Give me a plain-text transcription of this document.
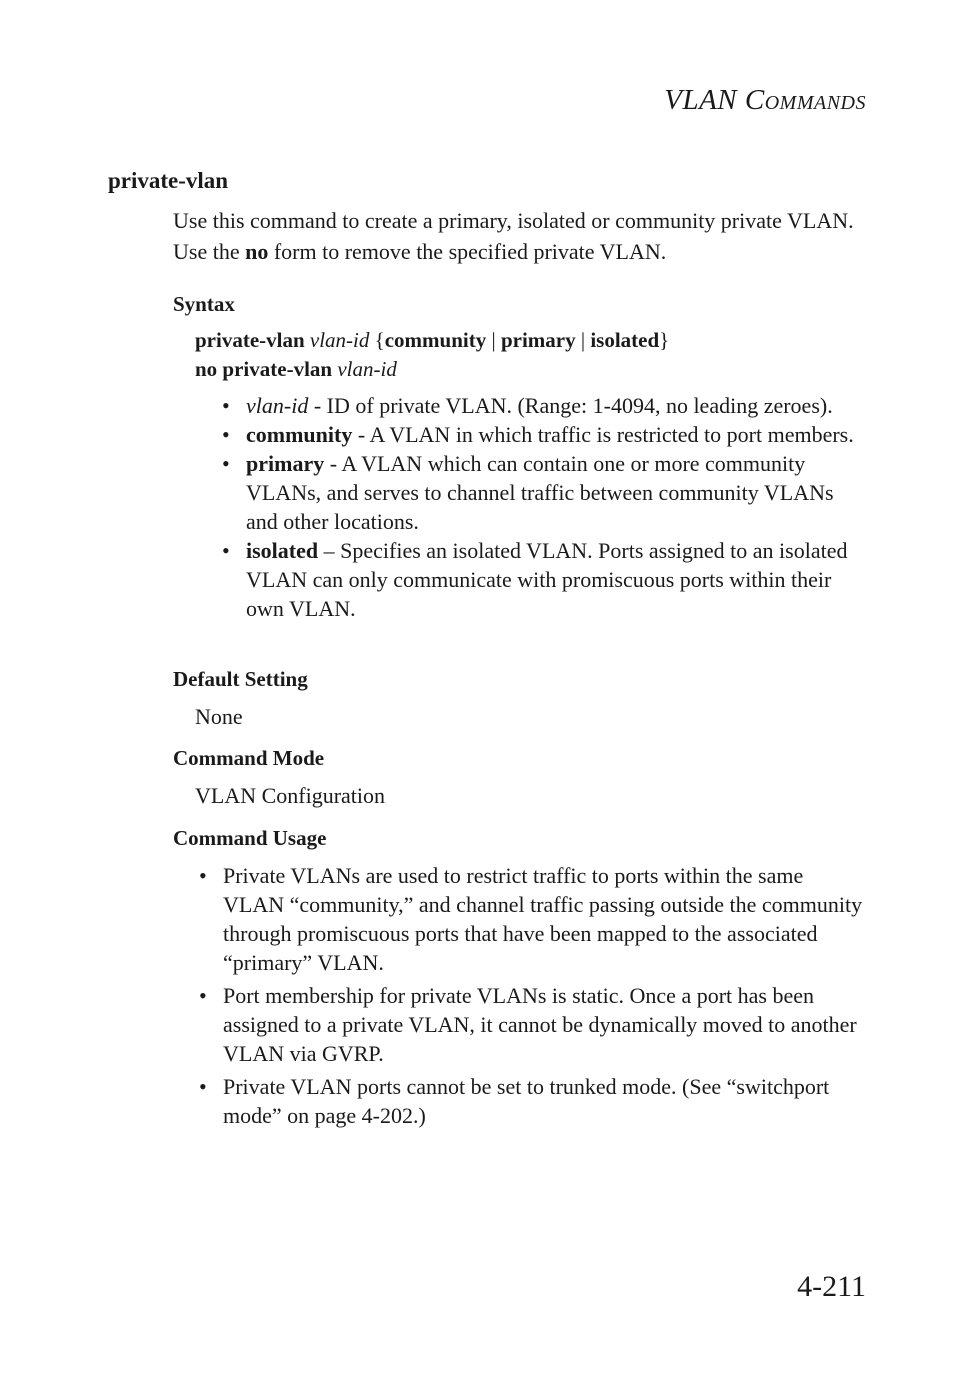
VLAN COMMANDS
private-vlan
Use this command to create a primary, isolated or community private VLAN. Use the no form to remove the specified private VLAN.
Syntax
private-vlan vlan-id {community | primary | isolated}
no private-vlan vlan-id
• vlan-id - ID of private VLAN. (Range: 1-4094, no leading zeroes).
• community - A VLAN in which traffic is restricted to port members.
• primary - A VLAN which can contain one or more community VLANs, and serves to channel traffic between community VLANs and other locations.
• isolated – Specifies an isolated VLAN. Ports assigned to an isolated VLAN can only communicate with promiscuous ports within their own VLAN.
Default Setting
None
Command Mode
VLAN Configuration
Command Usage
• Private VLANs are used to restrict traffic to ports within the same VLAN “community,” and channel traffic passing outside the community through promiscuous ports that have been mapped to the associated “primary” VLAN.
• Port membership for private VLANs is static. Once a port has been assigned to a private VLAN, it cannot be dynamically moved to another VLAN via GVRP.
• Private VLAN ports cannot be set to trunked mode. (See “switchport mode” on page 4-202.)
4-211
